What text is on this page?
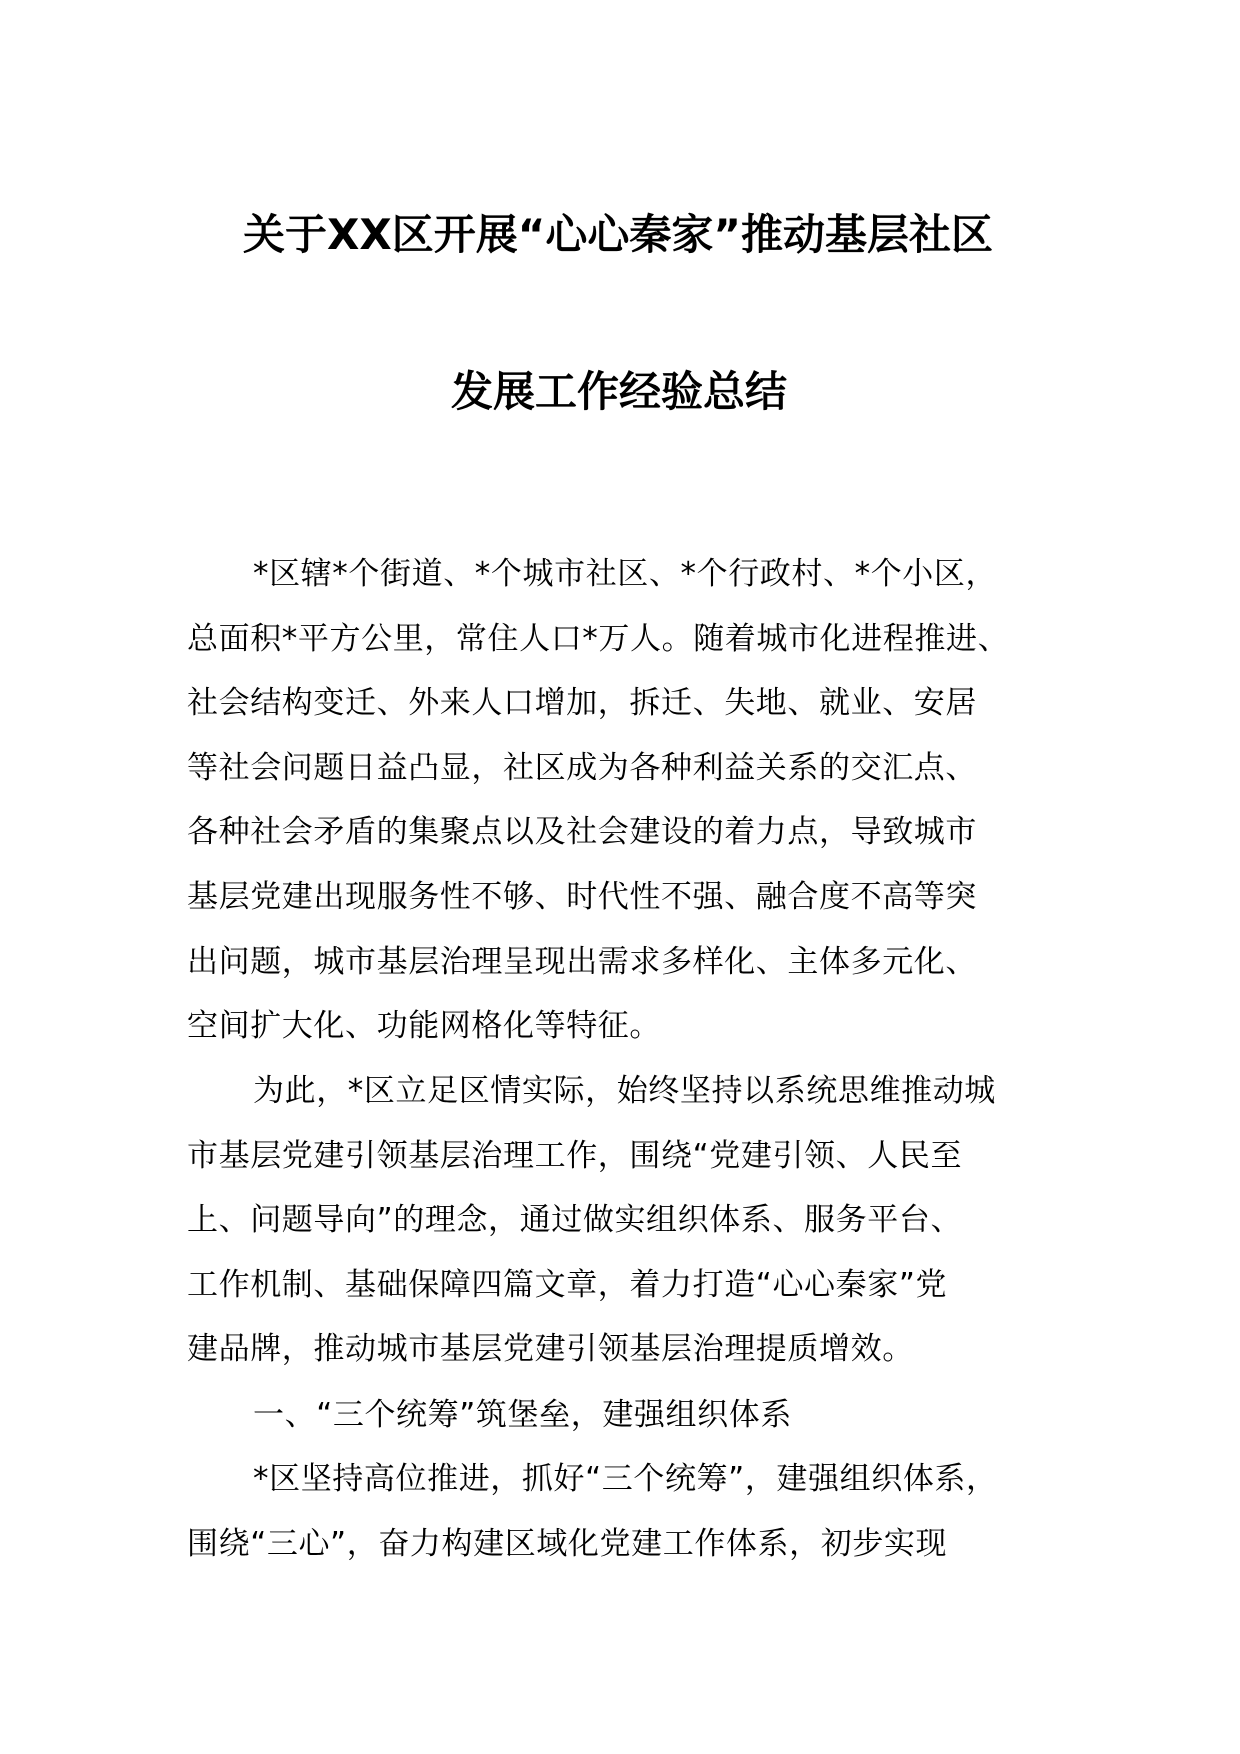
关于XX区开展“心心秦家”推动基层社区
发展工作经验总结
*区辖*个街道、*个城市社区、*个行政村、*个小区，
总面积*平方公里，常住人口*万人。随着城市化进程推进、
社会结构变迁、外来人口增加，拆迁、失地、就业、安居
等社会问题日益凸显，社区成为各种利益关系的交汇点、
各种社会矛盾的集聚点以及社会建设的着力点，导致城市
基层党建出现服务性不够、时代性不强、融合度不高等突
出问题，城市基层治理呈现出需求多样化、主体多元化、
空间扩大化、功能网格化等特征。
为此，*区立足区情实际，始终坚持以系统思维推动城
市基层党建引领基层治理工作，围绕“党建引领、人民至
上、问题导向”的理念，通过做实组织体系、服务平台、
工作机制、基础保障四篇文章，着力打造“心心秦家”党
建品牌，推动城市基层党建引领基层治理提质增效。
一、“三个统筹”筑堡垒，建强组织体系
*区坚持高位推进，抓好“三个统筹”，建强组织体系，
围绕“三心”，奋力构建区域化党建工作体系，初步实现
